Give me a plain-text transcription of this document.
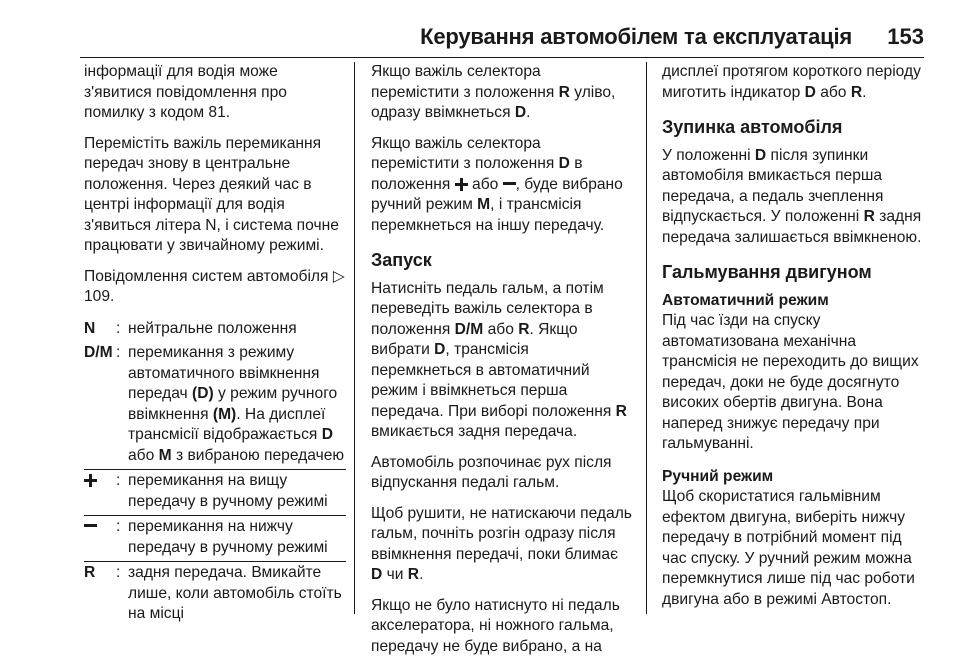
Керування автомобілем та експлуатація 153

інформації для водія може з'явитися повідомлення про помилку з кодом 81.

Перемістіть важіль перемикання передач знову в центральне положення. Через деякий час в центрі інформації для водія з'явиться літера N, і система почне працювати у звичайному режимі.

Повідомлення систем автомобіля ▷ 109.

N	: нейтральне положення
D/M : перемикання з режиму автоматичного ввімкнення передач (D) у режим ручного ввімкнення (M). На дисплеї трансмісії відображається D або M з вибраною передачею
: перемикання на вищу передачу в ручному режимі
: перемикання на нижчу передачу в ручному режимі
R	: задня передача. Вмикайте лише, коли автомобіль стоїть на місці

Якщо важіль селектора перемістити з положення R уліво, одразу ввімкнеться D.

Якщо важіль селектора перемістити з положення D в положення або , буде вибрано ручний режим M, і трансмісія перемкнеться на іншу передачу.

Запуск

Натисніть педаль гальм, а потім переведіть важіль селектора в положення D/M або R. Якщо вибрати D, трансмісія перемкнеться в автоматичний режим і ввімкнеться перша передача. При виборі положення R вмикається задня передача.

Автомобіль розпочинає рух після відпускання педалі гальм.

Щоб рушити, не натискаючи педаль гальм, почніть розгін одразу після ввімкнення передачі, поки блимає D чи R.

Якщо не було натиснуто ні педаль акселератора, ні ножного гальма, передачу не буде вибрано, а на

дисплеї протягом короткого періоду миготить індикатор D або R.

Зупинка автомобіля

У положенні D після зупинки автомобіля вмикається перша передача, а педаль зчеплення відпускається. У положенні R задня передача залишається ввімкненою.

Гальмування двигуном
Автоматичний режим

Під час їзди на спуску автоматизована механічна трансмісія не переходить до вищих передач, доки не буде досягнуто високих обертів двигуна. Вона наперед знижує передачу при гальмуванні.

Ручний режим

Щоб скористатися гальмівним ефектом двигуна, виберіть нижчу передачу в потрібний момент під час спуску. У ручний режим можна перемкнутися лише під час роботи двигуна або в режимі Автостоп.
